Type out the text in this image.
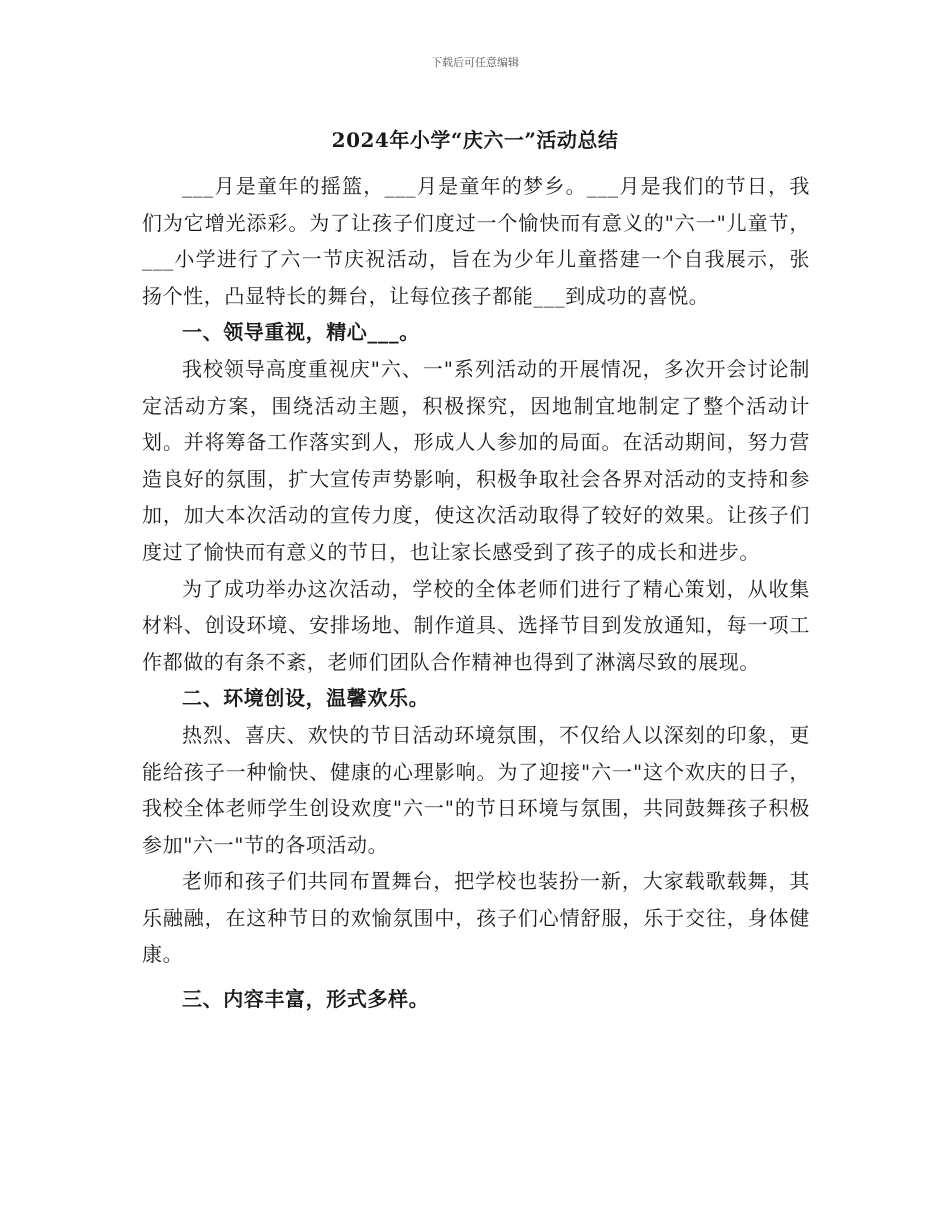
下载后可任意编辑
2024年小学“庆六一”活动总结

___月是童年的摇篮，___月是童年的梦乡。___月是我们的节日，我们为它增光添彩。为了让孩子们度过一个愉快而有意义的"六一"儿童节，___小学进行了六一节庆祝活动，旨在为少年儿童搭建一个自我展示，张扬个性，凸显特长的舞台，让每位孩子都能___到成功的喜悦。

一、领导重视，精心___。

我校领导高度重视庆"六、一"系列活动的开展情况，多次开会讨论制定活动方案，围绕活动主题，积极探究，因地制宜地制定了整个活动计划。并将筹备工作落实到人，形成人人参加的局面。在活动期间，努力营造良好的氛围，扩大宣传声势影响，积极争取社会各界对活动的支持和参加，加大本次活动的宣传力度，使这次活动取得了较好的效果。让孩子们度过了愉快而有意义的节日，也让家长感受到了孩子的成长和进步。

为了成功举办这次活动，学校的全体老师们进行了精心策划，从收集材料、创设环境、安排场地、制作道具、选择节目到发放通知，每一项工作都做的有条不紊，老师们团队合作精神也得到了淋漓尽致的展现。

二、环境创设，温馨欢乐。

热烈、喜庆、欢快的节日活动环境氛围，不仅给人以深刻的印象，更能给孩子一种愉快、健康的心理影响。为了迎接"六一"这个欢庆的日子，我校全体老师学生创设欢度"六一"的节日环境与氛围，共同鼓舞孩子积极参加"六一"节的各项活动。

老师和孩子们共同布置舞台，把学校也装扮一新，大家载歌载舞，其乐融融，在这种节日的欢愉氛围中，孩子们心情舒服，乐于交往，身体健康。

三、内容丰富，形式多样。
